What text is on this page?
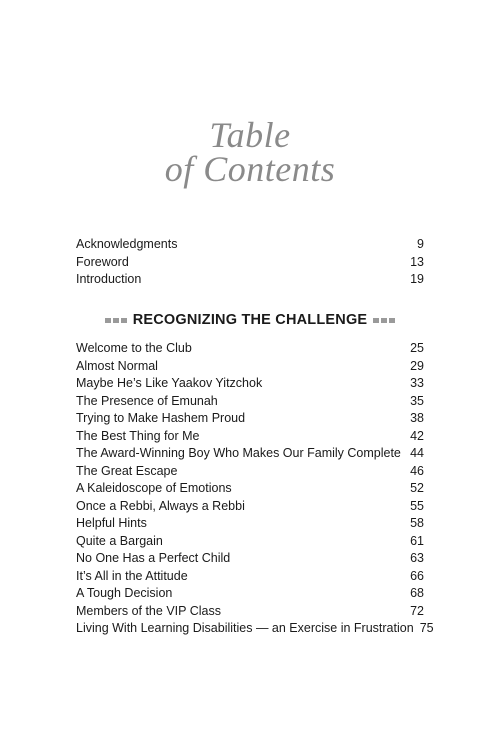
Table
of Contents
Acknowledgments	9
Foreword	13
Introduction	19
RECOGNIZING THE CHALLENGE
Welcome to the Club	25
Almost Normal	29
Maybe He’s Like Yaakov Yitzchok	33
The Presence of Emunah	35
Trying to Make Hashem Proud	38
The Best Thing for Me	42
The Award-Winning Boy Who Makes Our Family Complete 44
The Great Escape	46
A Kaleidoscope of Emotions	52
Once a Rebbi, Always a Rebbi	55
Helpful Hints	58
Quite a Bargain	61
No One Has a Perfect Child	63
It’s All in the Attitude	66
A Tough Decision	68
Members of the VIP Class	72
Living With Learning Disabilities — an Exercise in Frustration 75
